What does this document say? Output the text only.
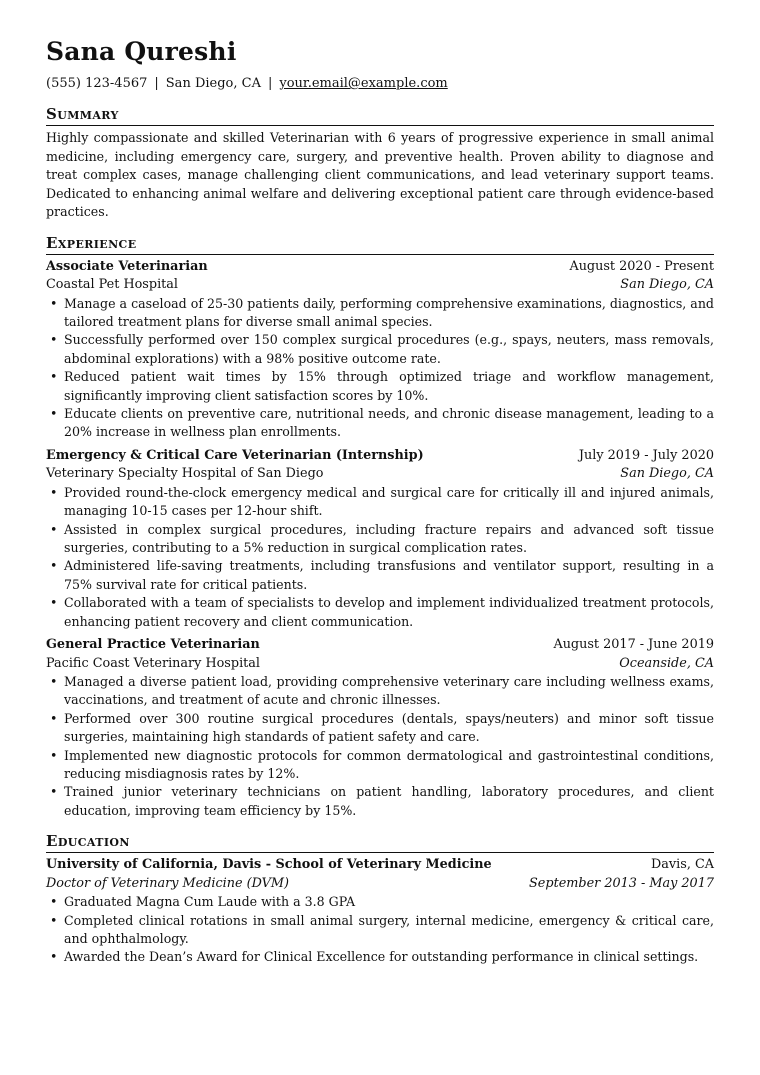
Sana Qureshi
(555) 123-4567 | San Diego, CA | your.email@example.com
Summary

Highly compassionate and skilled Veterinarian with 6 years of progressive experience in small animal medicine, including emergency care, surgery, and preventive health. Proven ability to diagnose and treat complex cases, manage challenging client communications, and lead veterinary support teams. Dedicated to enhancing animal welfare and delivering exceptional patient care through evidence-based practices.

Experience
Associate Veterinarian	August 2020 - Present
Coastal Pet Hospital	San Diego, CA
• Manage a caseload of 25-30 patients daily, performing comprehensive examinations, diagnostics, and tailored treatment plans for diverse small animal species.
• Successfully performed over 150 complex surgical procedures (e.g., spays, neuters, mass removals, abdominal explorations) with a 98% positive outcome rate.
• Reduced patient wait times by 15% through optimized triage and workflow management, significantly improving client satisfaction scores by 10%.
• Educate clients on preventive care, nutritional needs, and chronic disease management, leading to a 20% increase in wellness plan enrollments.
Emergency & Critical Care Veterinarian (Internship)	July 2019 - July 2020
Veterinary Specialty Hospital of San Diego	San Diego, CA
• Provided round-the-clock emergency medical and surgical care for critically ill and injured animals, managing 10-15 cases per 12-hour shift.
• Assisted in complex surgical procedures, including fracture repairs and advanced soft tissue surgeries, contributing to a 5% reduction in surgical complication rates.
• Administered life-saving treatments, including transfusions and ventilator support, resulting in a 75% survival rate for critical patients.
• Collaborated with a team of specialists to develop and implement individualized treatment protocols, enhancing patient recovery and client communication.
General Practice Veterinarian	August 2017 - June 2019
Pacific Coast Veterinary Hospital	Oceanside, CA
• Managed a diverse patient load, providing comprehensive veterinary care including wellness exams, vaccinations, and treatment of acute and chronic illnesses.
• Performed over 300 routine surgical procedures (dentals, spays/neuters) and minor soft tissue surgeries, maintaining high standards of patient safety and care.
• Implemented new diagnostic protocols for common dermatological and gastrointestinal conditions, reducing misdiagnosis rates by 12%.
• Trained junior veterinary technicians on patient handling, laboratory procedures, and client education, improving team efficiency by 15%.
Education
University of California, Davis - School of Veterinary Medicine	Davis, CA
Doctor of Veterinary Medicine (DVM)	September 2013 - May 2017
• Graduated Magna Cum Laude with a 3.8 GPA
• Completed clinical rotations in small animal surgery, internal medicine, emergency & critical care, and ophthalmology.
• Awarded the Dean’s Award for Clinical Excellence for outstanding performance in clinical settings.
